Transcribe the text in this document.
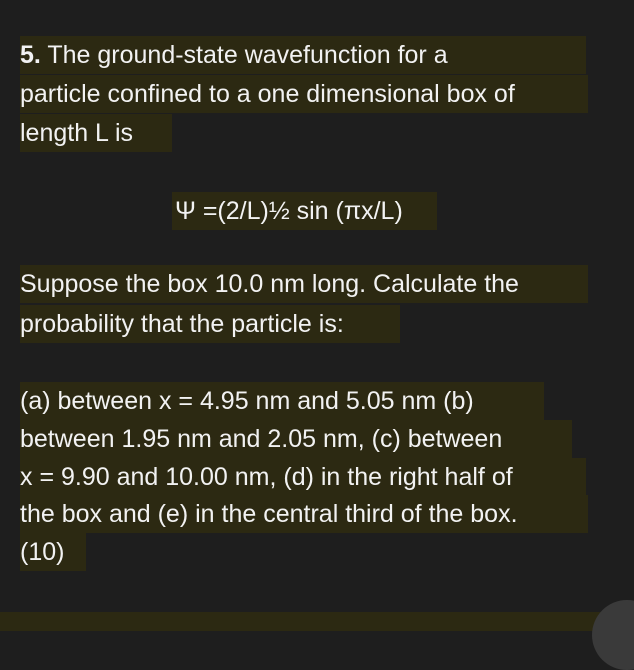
5. The ground-state wavefunction for a
particle confined to a one dimensional box of
length L is
Ψ =(2/L)½ sin (πx/L)
Suppose the box 10.0 nm long. Calculate the
probability that the particle is:
(a) between x = 4.95 nm and 5.05 nm (b)
between 1.95 nm and 2.05 nm, (c) between
x = 9.90 and 10.00 nm, (d) in the right half of
the box and (e) in the central third of the box.
(10)
